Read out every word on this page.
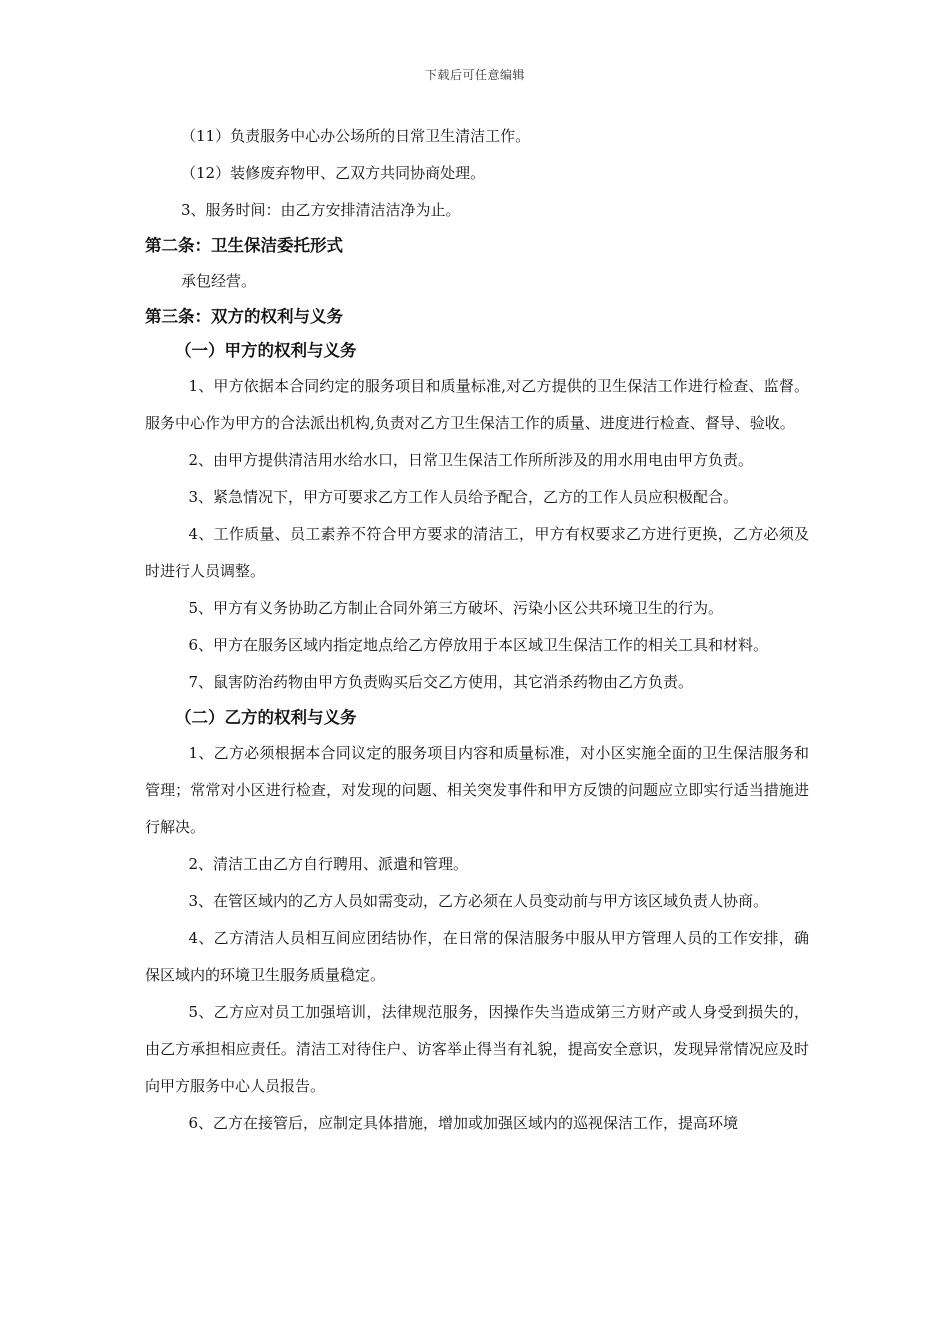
下载后可任意编辑

（11）负责服务中心办公场所的日常卫生清洁工作。

（12）装修废弃物甲、乙双方共同协商处理。

3、服务时间：由乙方安排清洁洁净为止。

第二条：卫生保洁委托形式

承包经营。

第三条：双方的权利与义务

（一）甲方的权利与义务

1、甲方依据本合同约定的服务项目和质量标准,对乙方提供的卫生保洁工作进行检查、监督。服务中心作为甲方的合法派出机构,负责对乙方卫生保洁工作的质量、进度进行检查、督导、验收。

2、由甲方提供清洁用水给水口，日常卫生保洁工作所所涉及的用水用电由甲方负责。

3、紧急情况下，甲方可要求乙方工作人员给予配合，乙方的工作人员应积极配合。

4、工作质量、员工素养不符合甲方要求的清洁工，甲方有权要求乙方进行更换，乙方必须及时进行人员调整。

5、甲方有义务协助乙方制止合同外第三方破坏、污染小区公共环境卫生的行为。

6、甲方在服务区域内指定地点给乙方停放用于本区域卫生保洁工作的相关工具和材料。

7、鼠害防治药物由甲方负责购买后交乙方使用，其它消杀药物由乙方负责。

（二）乙方的权利与义务

1、乙方必须根据本合同议定的服务项目内容和质量标准，对小区实施全面的卫生保洁服务和管理；常常对小区进行检查，对发现的问题、相关突发事件和甲方反馈的问题应立即实行适当措施进行解决。

2、清洁工由乙方自行聘用、派遣和管理。

3、在管区域内的乙方人员如需变动，乙方必须在人员变动前与甲方该区域负责人协商。

4、乙方清洁人员相互间应团结协作，在日常的保洁服务中服从甲方管理人员的工作安排，确保区域内的环境卫生服务质量稳定。

5、乙方应对员工加强培训，法律规范服务，因操作失当造成第三方财产或人身受到损失的，由乙方承担相应责任。清洁工对待住户、访客举止得当有礼貌，提高安全意识，发现异常情况应及时向甲方服务中心人员报告。

6、乙方在接管后，应制定具体措施，增加或加强区域内的巡视保洁工作，提高环境
